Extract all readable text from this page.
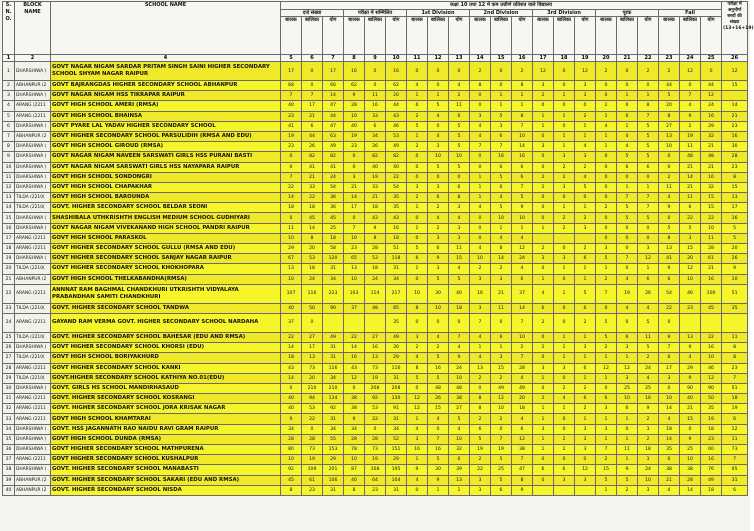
S. N. O.	BLOCK NAME	SCHOOL NAME	कक्षा 10 तथा 12 में कम उत्तीर्ण प्रतिशत वाले विद्यालय																					परीक्षा में अनुत्तीर्ण बच्चों की संख्या (13+16+19)
			दर्ज संख्या			परीक्षा में सम्मिलित			1st Division			2nd Division			3rd Division			पूरक			Fail			
			बालक	बालिका	योग	बालक	बालिका	योग	बालक	बालिका	योग	बालक	बालिका	योग	बालक	बालिका	योग	बालक	बालिका	योग	बालक	बालिका	योग	
1	2	4	5	6	7	8	9	10	11	12	13	14	15	16	17	18	19	20	21	22	23	24	25	26
1	DHARSHIWA (	GOVT NAGAR NIGAM SARDAR PRITAM SINGH SAINI HIGHER SECONDARY SCHOOL SHYAM NAGAR RAIPUR	17	0	17	16	0	16	0	0	0	2	0	2	12	0	12	2	0	2	2	12	0	12
2	ABHANPUR (2	GOVT BAJRANGDAS HIGHER SECONDARY SCHOOL ABHANPUR	68	0	66	62	0	62	4	0	4	8	0	8	3	0	3	0	0	0	44	0	44	15
3	DHARSHIWA (	GOVT NAGAR NIGAM HSS TIKRAPAR RAIPUR	7	7	14	9	11	20	1	1	2	0	1	1	2	1	3	0	1	1	5	7	12	
4	ARANG (2211	GOVT HIGH SCHOOL AMERI (RMSA)	40	17	47	28	16	44	6	5	11	0	1	1	0	0	0	2	6	8	20	4	24	14
5	ARANG (2211	GOVT HIGH SCHOOL BHAINSA	23	21	44	10	33	43	2	4	6	3	5	8	1	1	2	1	6	7	8	9	16	21
6	DHARSHIWA (	GOVT PYARE LAL YADAV HIGHER SECONDARY SCHOOL	41	6	47	40	6	46	5	0	5	4	3	7	1	0	1	4	1	5	27	2	29	23
7	ABHANPUR (2	GOVT HIGHER SECONDARY SCHOOL PARSULIDIH (RMSA AND EDU)	19	44	63	19	34	53	1	4	5	4	6	10	0	1	1	1	4	5	13	19	32	16
8	DHARSHIWA (	GOVT HIGH SCHOOL GIROUD (RMSA)	23	26	49	23	26	49	2	3	5	7	7	14	3	1	4	1	4	5	10	11	21	30
9	DHARSHIWA (	GOVT NAGAR NIGAM NAVEEN SARSWATI GIRLS HSS PURANI BASTI	0	82	82	0	82	82	0	10	10	0	16	16	0	3	3	0	5	5	0	48	48	28
10	DHARSHIWA (	GOVT NAGAR NIGAM SARSWATI GIRLS HSS NAYAPARA RAIPUR	0	41	41	0	40	40	0	5	5	0	6	6	0	2	2	0	6	6	0	21	21	23
11	DHARSHIWA (	GOVT HIGH SCHOOL SONDONGRI	7	21	24	3	19	22	0	0	0	1	5	6	2	2	4	0	0	0	2	14	16	8
12	DHARSHIWA (	GOVT HIGH SCHOOL CHAPAKHAR	22	33	54	21	33	54	3	3	6	1	6	7	2	3	5	0	1	1	11	21	32	15
13	TILDA (2210(	GOVT HIGH SCHOOL BAROUNDA	14	22	36	14	21	35	2	6	8	1	4	5	0	0	0	0	7	7	4	11	15	13
14	TILDA (2210(	GOVT. HIGHER SECONDARY SCHOOL BELDAR SEONI	18	18	36	17	18	35	1	2	3	4	5	9	0	1	1	2	5	7	9	6	15	17
15	DHARSHIWA (	SHASHIBALA UTHKRISHTH ENGLISH MEDIUM SCHOOL GUDHIYARI	0	45	45	0	43	43	0	4	4	0	10	10	0	2	2	0	5	5	0	22	22	16
16	DHARSHIWA (	GOVT NAGAR NIGAM VIVEKANAND HIGH SCHOOL PANDRI RAIPUR	11	14	25	7	9	16	1	2	3	0	1	1	1	2	3	0	0	0	5	5	10	5
17	ARANG (2211	GOVT HIGH SCHOOL PARASKOL	10	8	18	10	8	18	0	3	3	0	4	4				0	0	0	8	3	11	5
18	ARANG (2211	GOVT HIGHER SECONDARY SCHOOL GULLU (RMSA AND EDU)	29	20	58	23	28	51	5	6	11	4	8	12	2	0	2	3	0	3	13	15	28	20
19	DHARSHIWA (	GOVT HIGHER SECONDARY SCHOOL SANJAY NAGAR RAIPUR	67	53	120	65	53	118	6	9	15	10	14	24	3	3	6	5	7	12	41	20	61	26
20	TILDA (2210(	GOVT HIGHER SECONDARY SCHOOL KHOKHOPARA	13	18	31	13	18	31	1	3	4	2	2	4	0	1	1	1	0	1	9	12	21	9
21	ABHANPUR (2	GOVT HIGH SCHOOL THELKABANDHA(RMSA)	10	24	34	10	24	34	0	5	5	3	3	6	1	0	1	2	4	6	6	10	16	10
22	ARANG (2211	ANNNAT RAM BAGHMAL CHANDKHURI UTKRISHTH VIDYALAYA PRABANDHAN SAMITI CHANDKHURI	107	116	223	103	114	217	10	30	40	16	21	37	4	1	5	7	19	26	54	46	100	51
23	TILDA (2210(	GOVT. HIGHER SECONDARY SCHOOL TANDWA	40	50	90	37	48	85	8	10	18	3	11	14	6	0	6	0	4	4	22	23	45	35
24	ARANG (2211	GAYAND RAM VERMA GOVT. HIGHER SECONDARY SCHOOL NARDAHA	37	0				35	0	0	0	7	0	7	2	0	2	5	0	5	0			
25	TILDA (2210(	GOVT. HIGHER SECONDARY SCHOOL BAHESAR (EDU AND RMSA)	22	27	49	22	27	49	3	4	7	4	6	10	0	1	1	5	6	11	9	13	22	11
26	DHARSHIWA (	GOVT HIGHER SECONDARY SCHOOL KHORSI (EDU)	14	17	31	14	16	30	2	2	4	1	1	2	2	1	3	2	3	5	7	9	16	8
27	TILDA (2210(	GOVT HIGH SCHOOL BORIYAKHURD	18	13	31	16	13	29	4	5	9	4	3	7	0	1	1	1	1	2	6	4	10	8
28	ARANG (2211	GOVT HIGHER SECONDARY SCHOOL KANKI	43	73	116	43	73	116	8	16	24	13	15	28	3	3	6	12	12	24	17	29	46	23
29	TILDA (2210(	GOVT.HIGHER SECONDARY SCHOOL KATHIYA NO.01(EDU)	14	20	34	12	19	31	5	5	10	2	2	4	1	0	1	1	3	4	3	9	12	7
30	DHARSHIWA (	GOVT. GIRLS HS SCHOOL MANDIRHASAUD	0	210	210	0	208	208	0	48	48	0	49	49	0	2	2	0	25	25	0	90	90	51
31	ARANG (2211	GOVT. HIGHER SECONDARY SCHOOL KOSRANGI	40	94	134	38	92	130	12	26	38	8	12	20	2	4	6	6	10	16	10	40	50	18
32	ARANG (2211	GOVT. HIGHER SECONDARY SCHOOL JORA KRISAK NAGAR	40	53	92	38	53	91	12	15	27	8	10	18	1	1	2	3	6	9	14	21	35	19
33	ARANG (2211	GOVT HIGH SCHOOL KHAMTARAI	9	22	31	9	22	31	1	4	5	2	2	4	1	0	1	1	1	2	4	15	19	6
34	DHARSHIWA (	GOVT. HSS JAGANNATH RAO NAIDU RAVI GRAM RAIPUR	34	0	34	34	0	34	4	0	4	6	0	6	3	0	3	3	0	3	18	0	18	12
35	DHARSHIWA (	GOVT HIGH SCHOOL DUNDA (RMSA)	28	28	55	28	28	52	3	7	10	5	7	12	1	2	3	1	1	2	14	9	23	11
36	DHARSHIWA (	GOVT HIGHER SECONDARY SCHOOL MATHPURENA	80	73	153	78	73	151	16	16	32	19	19	38	1	2	3	7	11	18	35	25	60	73
37	ARANG (2211	GOVT HIGHER SECONDARY SCHOOL KUSHALPUR	10	19	29	10	19	29	1	5	6	2	5	7	0	0	0	2	1	3	6	10	16	7
38	DHARSHIWA (	GOVT. HIGHER SECONDARY SCHOOL MANABASTI	92	109	201	87	108	195	9	30	39	22	25	47	6	6	12	15	9	24	38	38	76	95
39	ABHANPUR (2	GOVT. HIGHER SECONDARY SCHOOL SAKARI (EDU AND RMSA)	45	61	106	40	64	104	4	9	13	3	5	8	0	3	3	5	5	10	21	28	49	31
40	ABHANPUR (2	GOVT. HIGHER SECONDARY SCHOOL NISDA	8	23	31	8	23	31	0	1	1	3	6	9				1	2	3	4	14	18	6
